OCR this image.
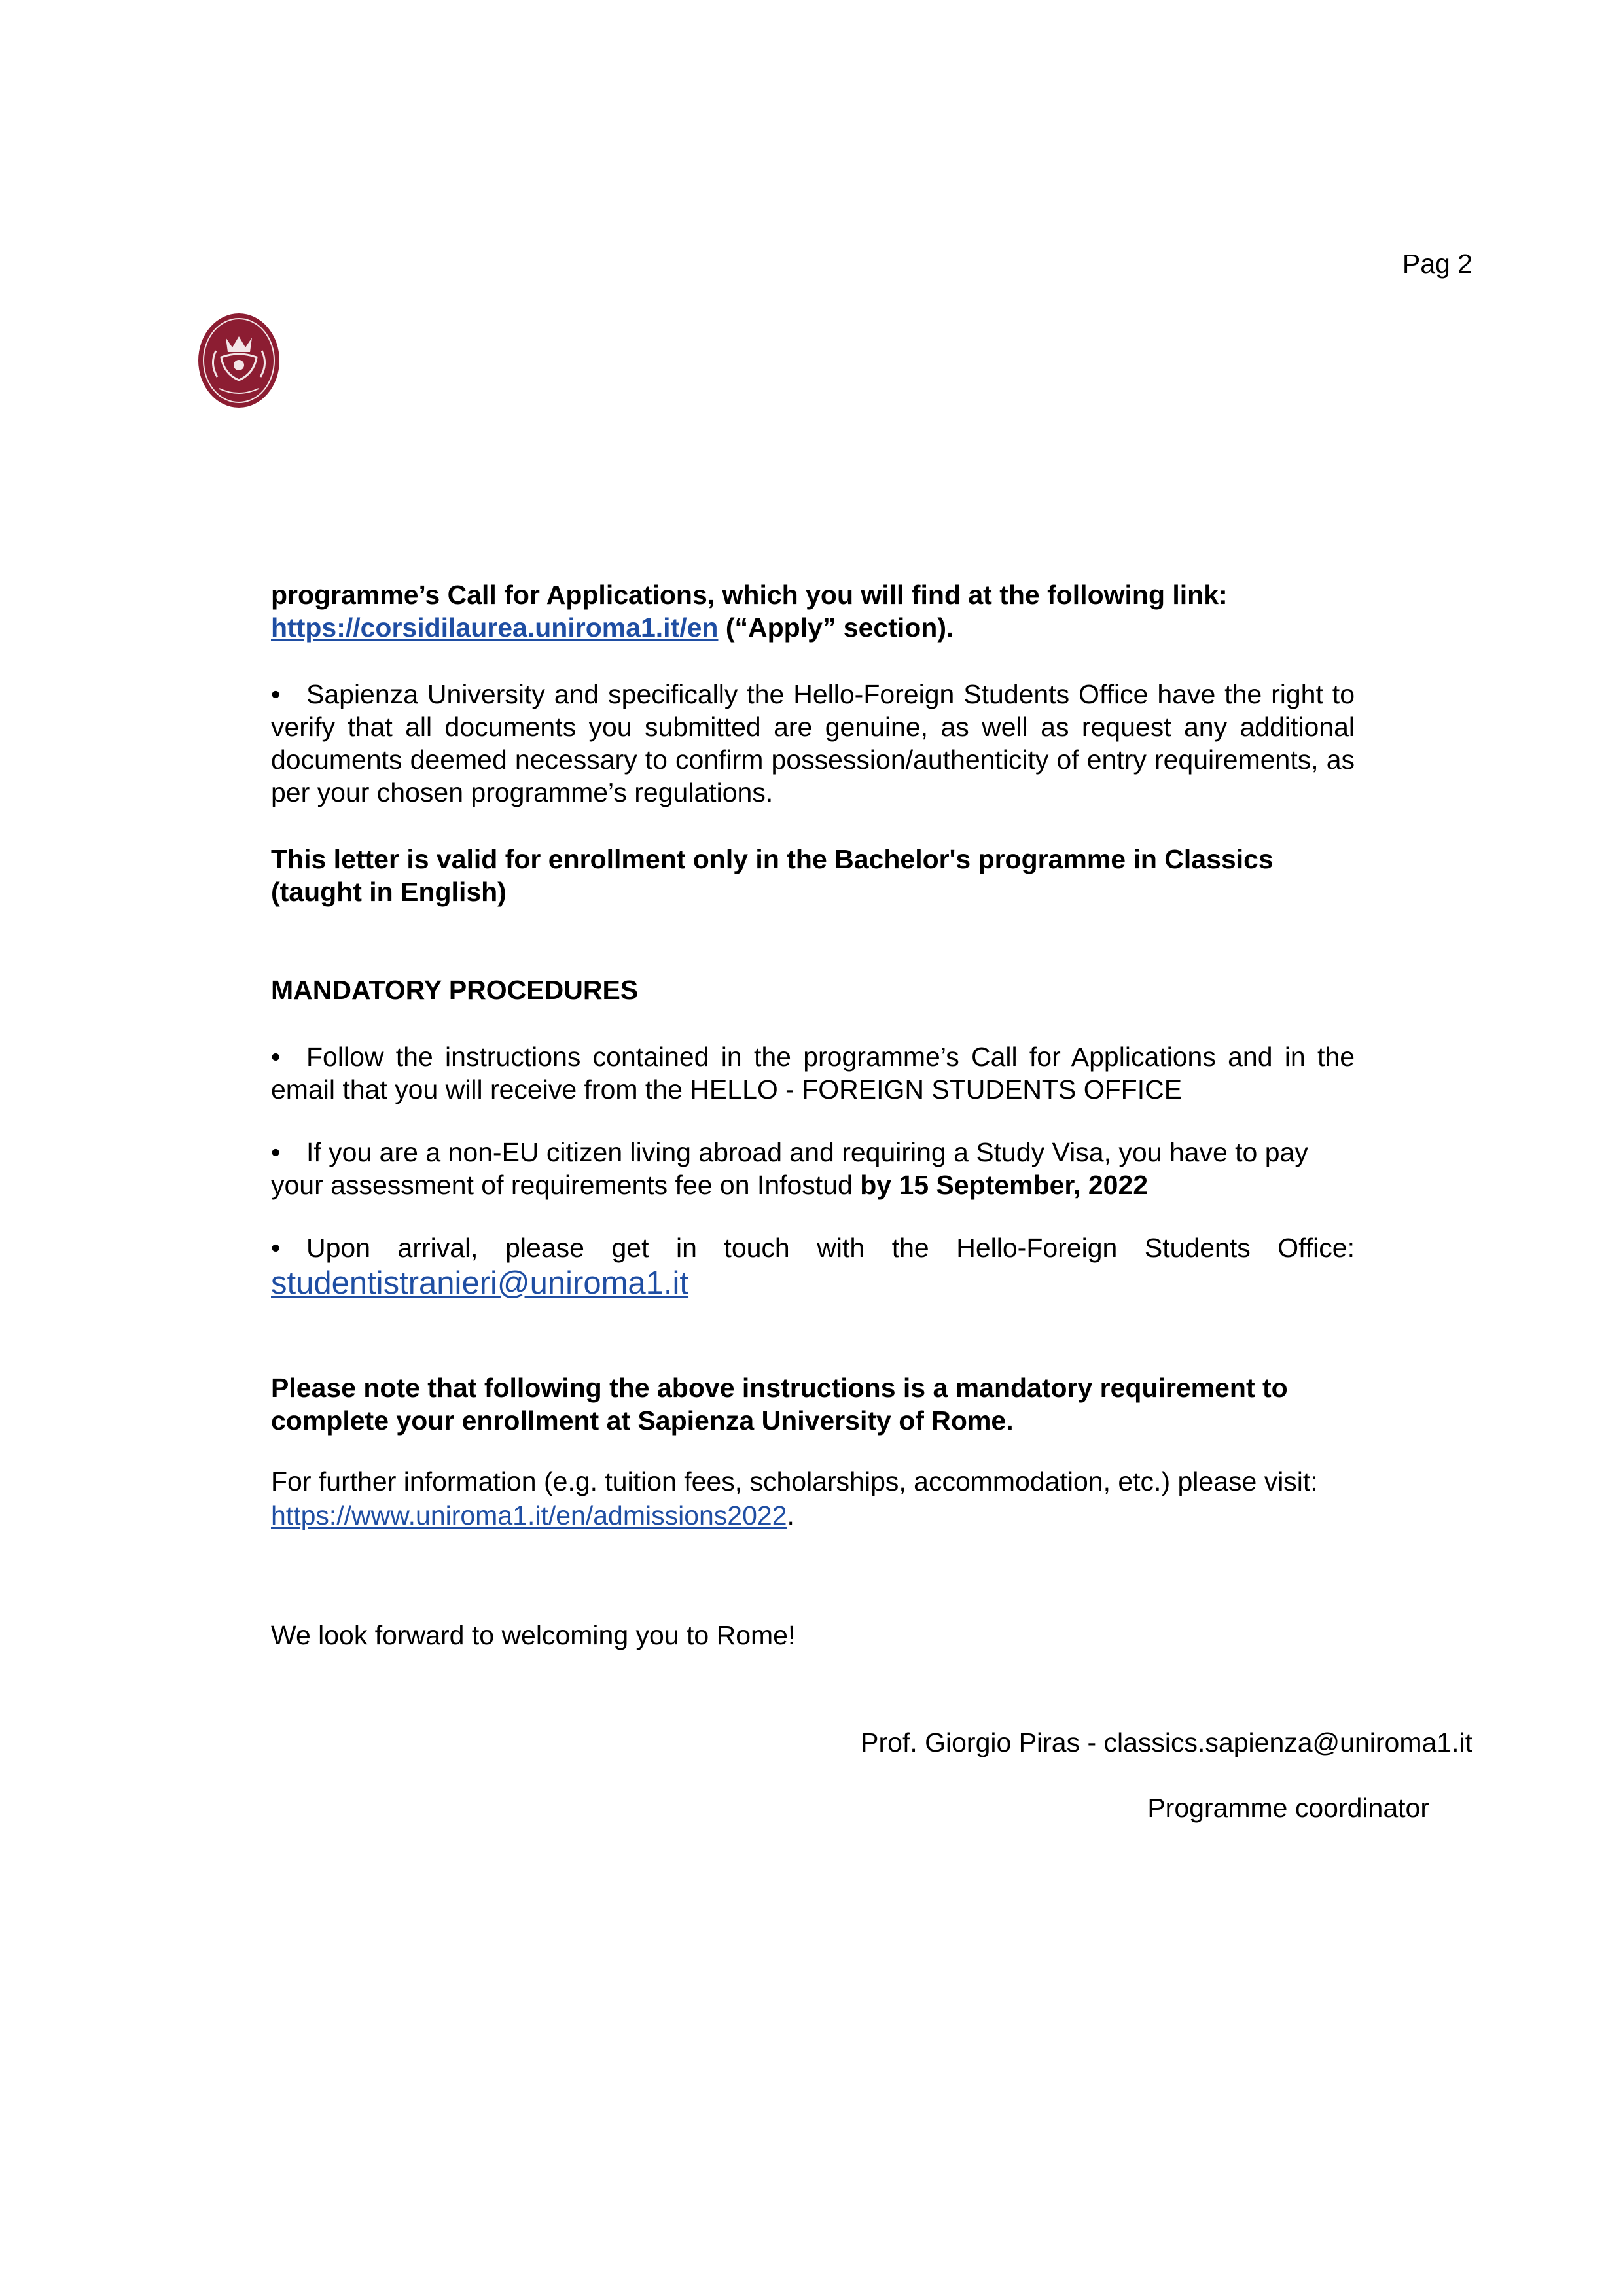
Pag 2

programme’s Call for Applications, which you will find at the following link:

https://corsidilaurea.uniroma1.it/en (“Apply” section).

• Sapienza University and specifically the Hello-Foreign Students Office have the right to verify that all documents you submitted are genuine, as well as request any additional documents deemed necessary to confirm possession/authenticity of entry requirements, as per your chosen programme’s regulations.

This letter is valid for enrollment only in the Bachelor's programme in Classics (taught in English)

MANDATORY PROCEDURES

• Follow the instructions contained in the programme’s Call for Applications and in the email that you will receive from the HELLO - FOREIGN STUDENTS OFFICE

• If you are a non-EU citizen living abroad and requiring a Study Visa, you have to pay your assessment of requirements fee on Infostud by 15 September, 2022

• Upon arrival, please get in touch with the Hello-Foreign Students Office:

studentistranieri@uniroma1.it

Please note that following the above instructions is a mandatory requirement to complete your enrollment at Sapienza University of Rome.

For further information (e.g. tuition fees, scholarships, accommodation, etc.) please visit:
https://www.uniroma1.it/en/admissions2022.

We look forward to welcoming you to Rome!

Prof. Giorgio Piras - classics.sapienza@uniroma1.it
Programme coordinator
